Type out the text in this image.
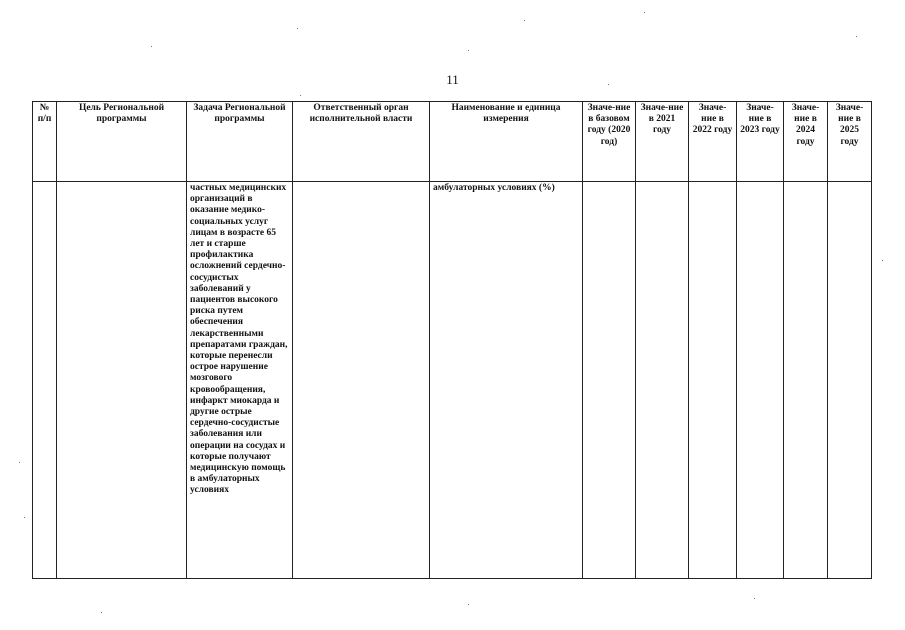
11
№ п/п	Цель Региональной программы	Задача Региональной программы	Ответственный орган исполнительной власти	Наименование и единица измерения	Значе-ние в базовом году (2020 год)	Значе-ние в 2021 году	Значе-ние в 2022 году	Значе-ние в 2023 году	Значе-ние в 2024 году	Значе-ние в 2025 году

		частных медицинских организаций в оказание медико-социальных услуг лицам в возрасте 65 лет и старше профилактика осложнений сердечно-сосудистых заболеваний у пациентов высокого риска путем обеспечения лекарственными препаратами граждан, которые перенесли острое нарушение мозгового кровообращения, инфаркт миокарда и другие острые сердечно-сосудистые заболевания или операции на сосудах и которые получают медицинскую помощь в амбулаторных условиях		амбулаторных условиях (%)						
